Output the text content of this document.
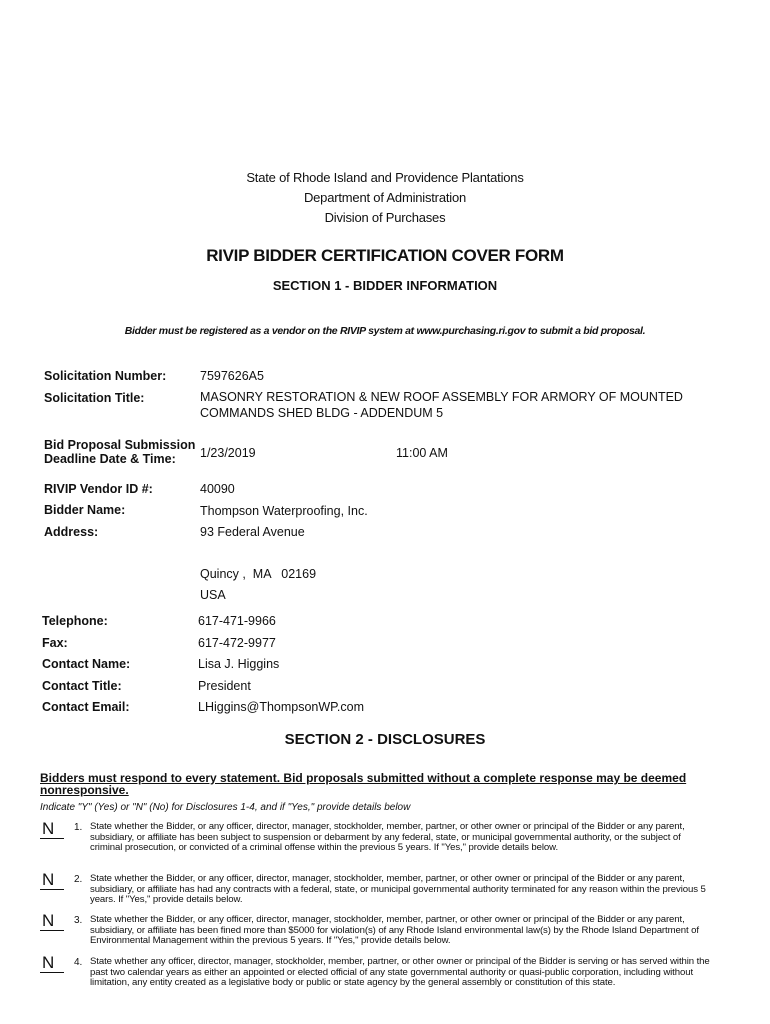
State of Rhode Island and Providence Plantations
Department of Administration
Division of Purchases
RIVIP BIDDER CERTIFICATION COVER FORM
SECTION 1 - BIDDER INFORMATION
Bidder must be registered as a vendor on the RIVIP system at www.purchasing.ri.gov to submit a bid proposal.
Solicitation Number:	7597626A5
Solicitation Title:	MASONRY RESTORATION & NEW ROOF ASSEMBLY FOR ARMORY OF MOUNTED
COMMANDS SHED BLDG - ADDENDUM 5
Bid Proposal Submission
Deadline Date & Time: 1/23/2019	11:00 AM
RIVIP Vendor ID #:	40090
Bidder Name:	Thompson Waterproofing, Inc.
Address:	93 Federal Avenue
Quincy ,  MA   02169
USA
Telephone:	617-471-9966
Fax:	617-472-9977
Contact Name:	Lisa J. Higgins
Contact Title:	President
Contact Email:	LHiggins@ThompsonWP.com
SECTION 2 - DISCLOSURES
Bidders must respond to every statement. Bid proposals submitted without a complete response may be deemed nonresponsive.
Indicate "Y" (Yes) or "N" (No) for Disclosures 1-4, and if "Yes," provide details below
N 1. State whether the Bidder, or any officer, director, manager, stockholder, member, partner, or other owner or principal of the Bidder or any parent, subsidiary, or affiliate has been subject to suspension or debarment by any federal, state, or municipal governmental authority, or the subject of criminal prosecution, or convicted of a criminal offense within the previous 5 years. If "Yes," provide details below.
N 2. State whether the Bidder, or any officer, director, manager, stockholder, member, partner, or other owner or principal of the Bidder or any parent, subsidiary, or affiliate has had any contracts with a federal, state, or municipal governmental authority terminated for any reason within the previous 5 years. If "Yes," provide details below.
N 3. State whether the Bidder, or any officer, director, manager, stockholder, member, partner, or other owner or principal of the Bidder or any parent, subsidiary, or affiliate has been fined more than $5000 for violation(s) of any Rhode Island environmental law(s) by the Rhode Island Department of Environmental Management within the previous 5 years. If "Yes," provide details below.
N 4. State whether any officer, director, manager, stockholder, member, partner, or other owner or principal of the Bidder is serving or has served within the past two calendar years as either an appointed or elected official of any state governmental authority or quasi-public corporation, including without limitation, any entity created as a legislative body or public or state agency by the general assembly or constitution of this state.
